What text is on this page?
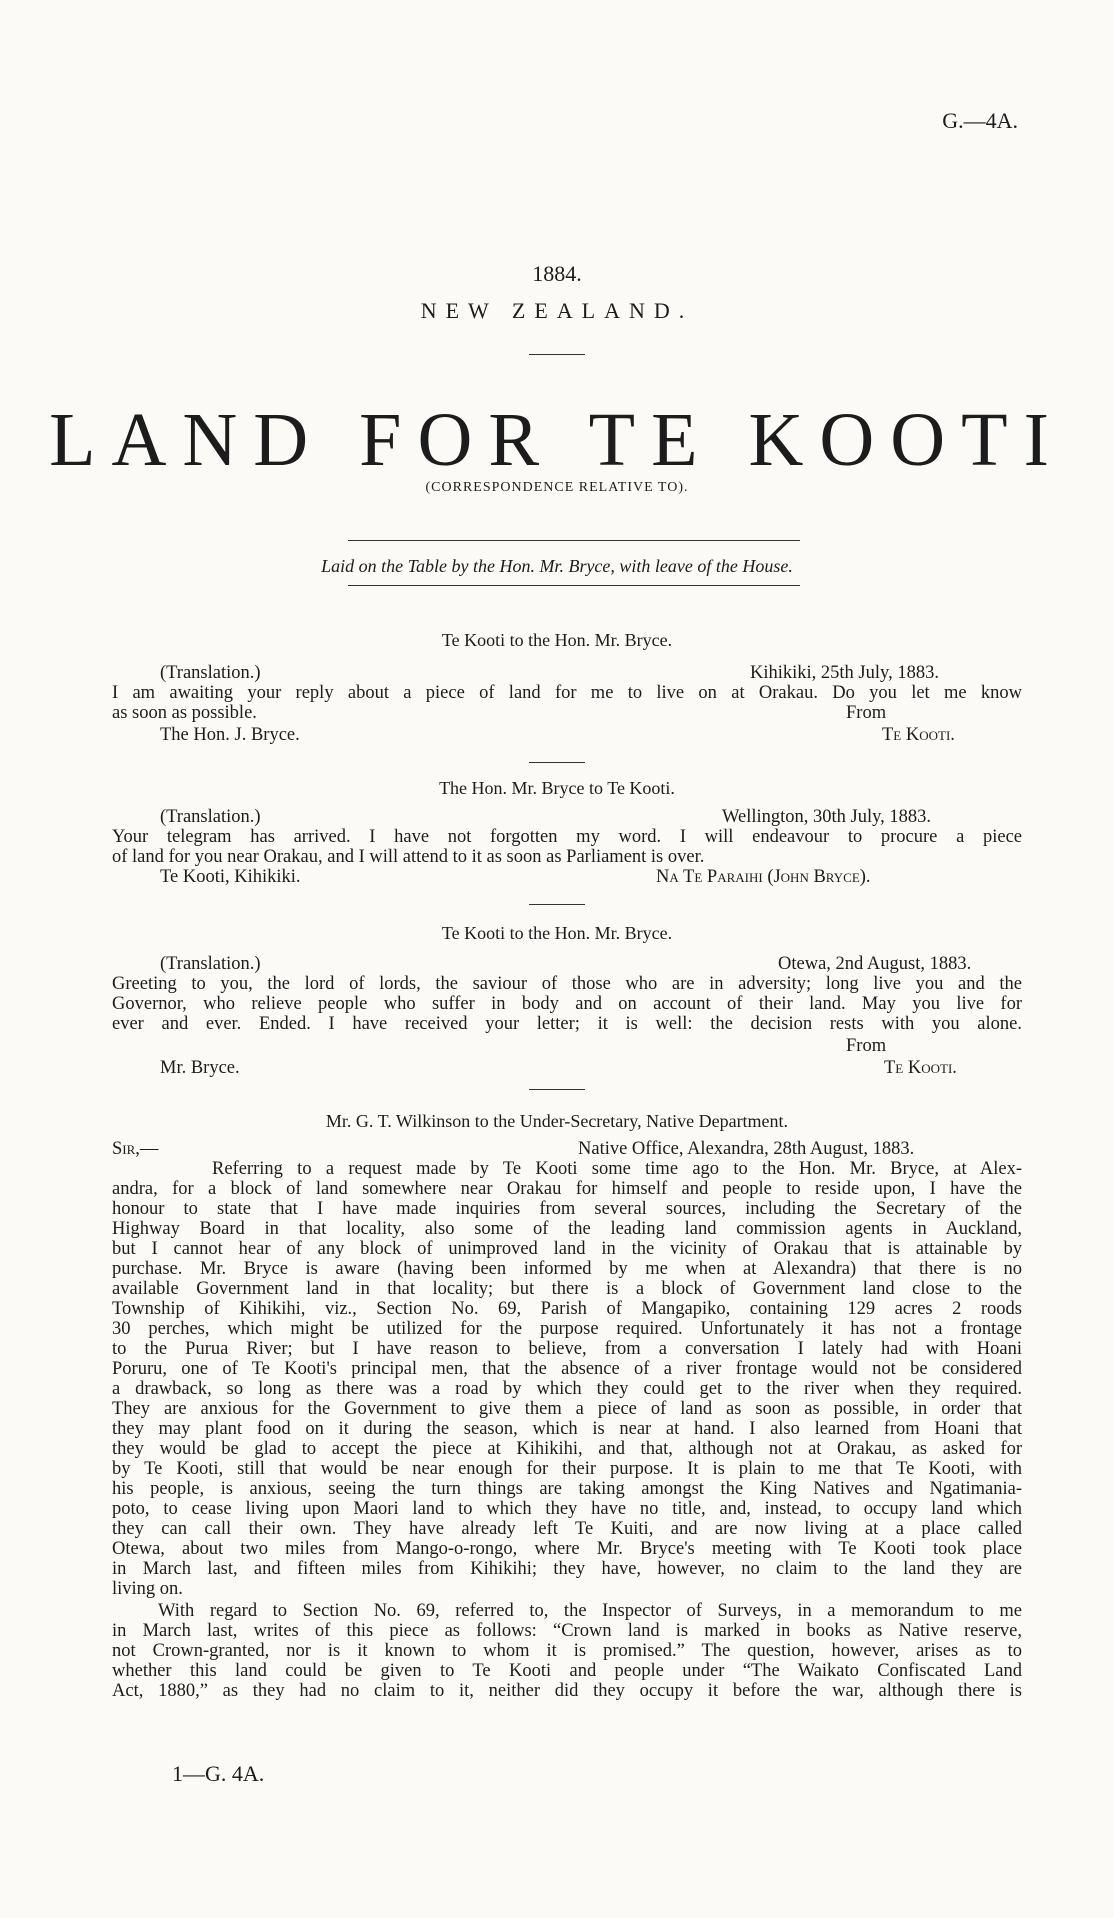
G.—4A.
1884.
NEW ZEALAND.
LAND FOR TE KOOTI
(CORRESPONDENCE RELATIVE TO).
Laid on the Table by the Hon. Mr. Bryce, with leave of the House.
Te Kooti to the Hon. Mr. Bryce.
(Translation.)	Kihikiki, 25th July, 1883.
I am awaiting your reply about a piece of land for me to live on at Orakau. Do you let me know
as soon as possible.	From
The Hon. J. Bryce.	Te Kooti.
The Hon. Mr. Bryce to Te Kooti.
(Translation.)	Wellington, 30th July, 1883.
Your telegram has arrived. I have not forgotten my word. I will endeavour to procure a piece
of land for you near Orakau, and I will attend to it as soon as Parliament is over.
Te Kooti, Kihikiki.	Na Te Paraihi (John Bryce).
Te Kooti to the Hon. Mr. Bryce.
(Translation.)	Otewa, 2nd August, 1883.
Greeting to you, the lord of lords, the saviour of those who are in adversity; long live you and the
Governor, who relieve people who suffer in body and on account of their land. May you live for
ever and ever. Ended. I have received your letter; it is well: the decision rests with you alone.
From
Mr. Bryce.	Te Kooti.
Mr. G. T. Wilkinson to the Under-Secretary, Native Department.
Sir,—	Native Office, Alexandra, 28th August, 1883.
Referring to a request made by Te Kooti some time ago to the Hon. Mr. Bryce, at Alex-
andra, for a block of land somewhere near Orakau for himself and people to reside upon, I have the
honour to state that I have made inquiries from several sources, including the Secretary of the
Highway Board in that locality, also some of the leading land commission agents in Auckland,
but I cannot hear of any block of unimproved land in the vicinity of Orakau that is attainable by
purchase. Mr. Bryce is aware (having been informed by me when at Alexandra) that there is no
available Government land in that locality; but there is a block of Government land close to the
Township of Kihikihi, viz., Section No. 69, Parish of Mangapiko, containing 129 acres 2 roods
30 perches, which might be utilized for the purpose required. Unfortunately it has not a frontage
to the Purua River; but I have reason to believe, from a conversation I lately had with Hoani
Poruru, one of Te Kooti's principal men, that the absence of a river frontage would not be considered
a drawback, so long as there was a road by which they could get to the river when they required.
They are anxious for the Government to give them a piece of land as soon as possible, in order that
they may plant food on it during the season, which is near at hand. I also learned from Hoani that
they would be glad to accept the piece at Kihikihi, and that, although not at Orakau, as asked for
by Te Kooti, still that would be near enough for their purpose. It is plain to me that Te Kooti, with
his people, is anxious, seeing the turn things are taking amongst the King Natives and Ngatimania-
poto, to cease living upon Maori land to which they have no title, and, instead, to occupy land which
they can call their own. They have already left Te Kuiti, and are now living at a place called
Otewa, about two miles from Mango-o-rongo, where Mr. Bryce's meeting with Te Kooti took place
in March last, and fifteen miles from Kihikihi; they have, however, no claim to the land they are
living on.
With regard to Section No. 69, referred to, the Inspector of Surveys, in a memorandum to me
in March last, writes of this piece as follows: “Crown land is marked in books as Native reserve,
not Crown-granted, nor is it known to whom it is promised.” The question, however, arises as to
whether this land could be given to Te Kooti and people under “The Waikato Confiscated Land
Act, 1880,” as they had no claim to it, neither did they occupy it before the war, although there is
1—G. 4A.
